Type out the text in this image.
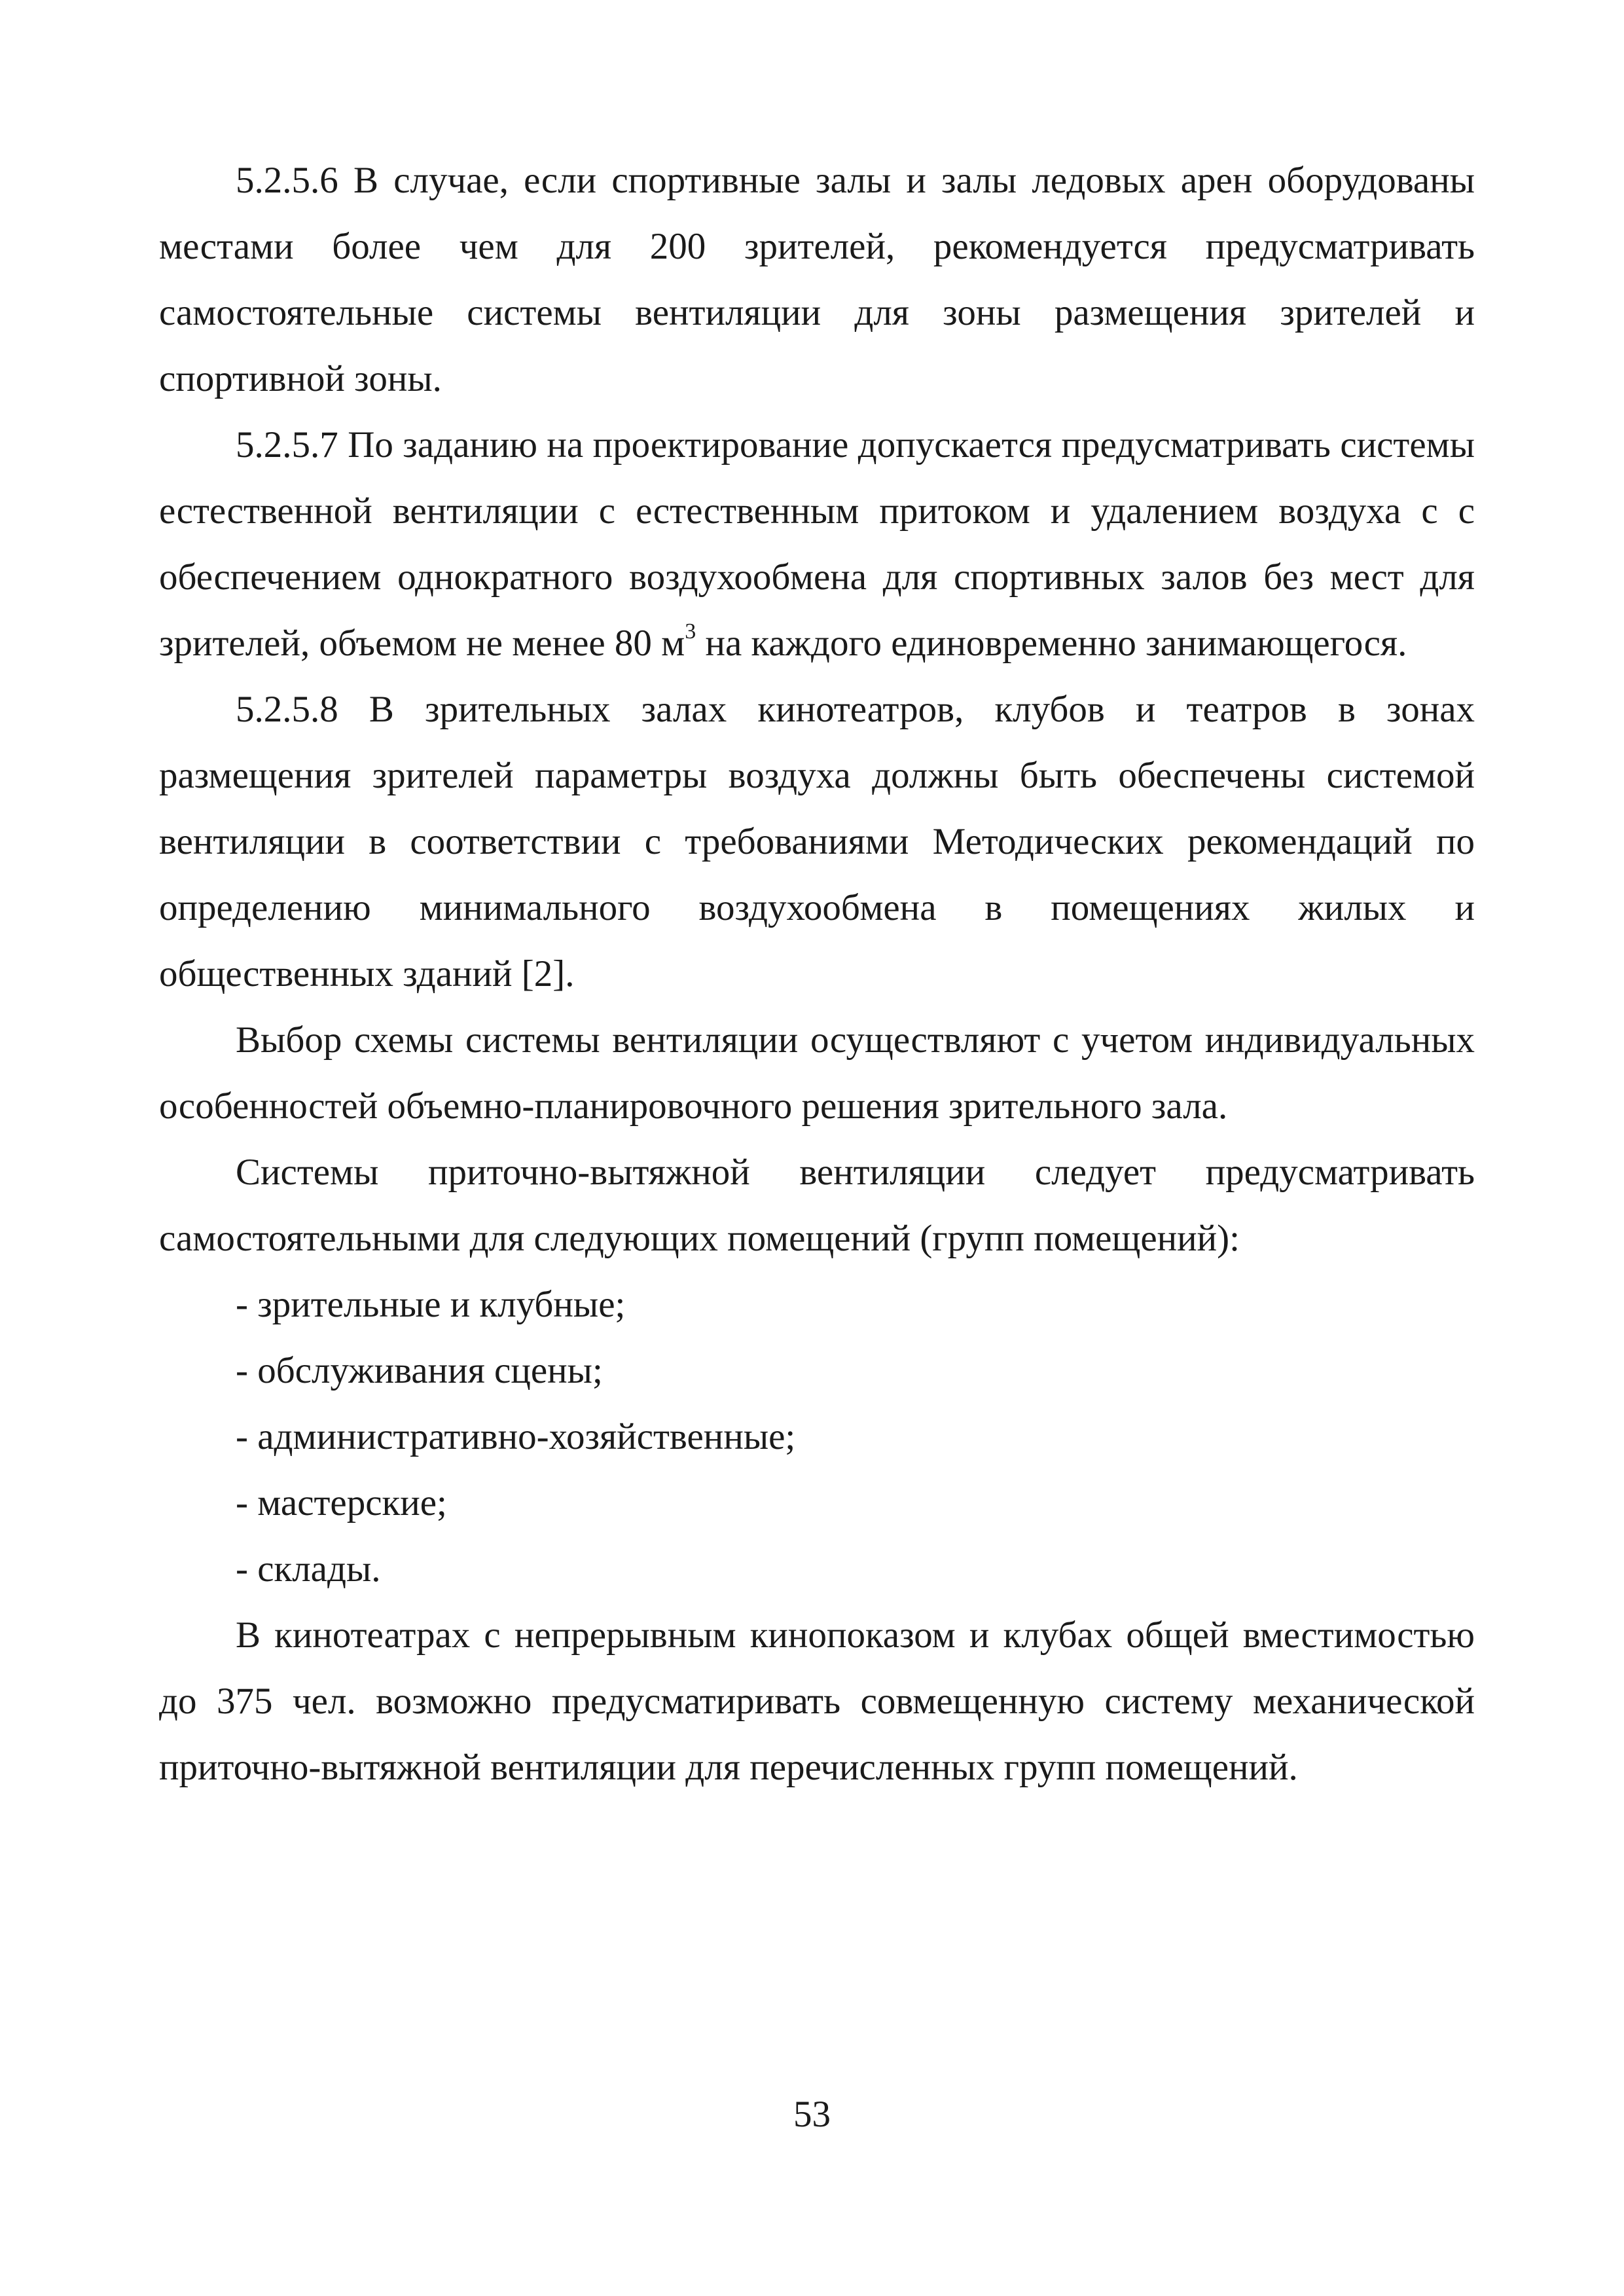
5.2.5.6 В случае, если спортивные залы и залы ледовых арен оборудованы местами более чем для 200 зрителей, рекомендуется предусматривать самостоятельные системы вентиляции для зоны размещения зрителей и спортивной зоны.

5.2.5.7 По заданию на проектирование допускается предусматривать системы естественной вентиляции с естественным притоком и удалением воздуха с с обеспечением однократного воздухообмена для спортивных залов без мест для зрителей, объемом не менее 80 $м^3$ на каждого единовременно занимающегося.

5.2.5.8 В зрительных залах кинотеатров, клубов и театров в зонах размещения зрителей параметры воздуха должны быть обеспечены системой вентиляции в соответствии с требованиями Методических рекомендаций по определению минимального воздухообмена в помещениях жилых и общественных зданий [2].

Выбор схемы системы вентиляции осуществляют с учетом индивидуальных особенностей объемно-планировочного решения зрительного зала.

Системы приточно-вытяжной вентиляции следует предусматривать самостоятельными для следующих помещений (групп помещений):

- зрительные и клубные;

- обслуживания сцены;

- административно-хозяйственные;

- мастерские;

- склады.

В кинотеатрах с непрерывным кинопоказом и клубах общей вместимостью до 375 чел. возможно предусматиривать совмещенную систему механической приточно-вытяжной вентиляции для перечисленных групп помещений.

53
